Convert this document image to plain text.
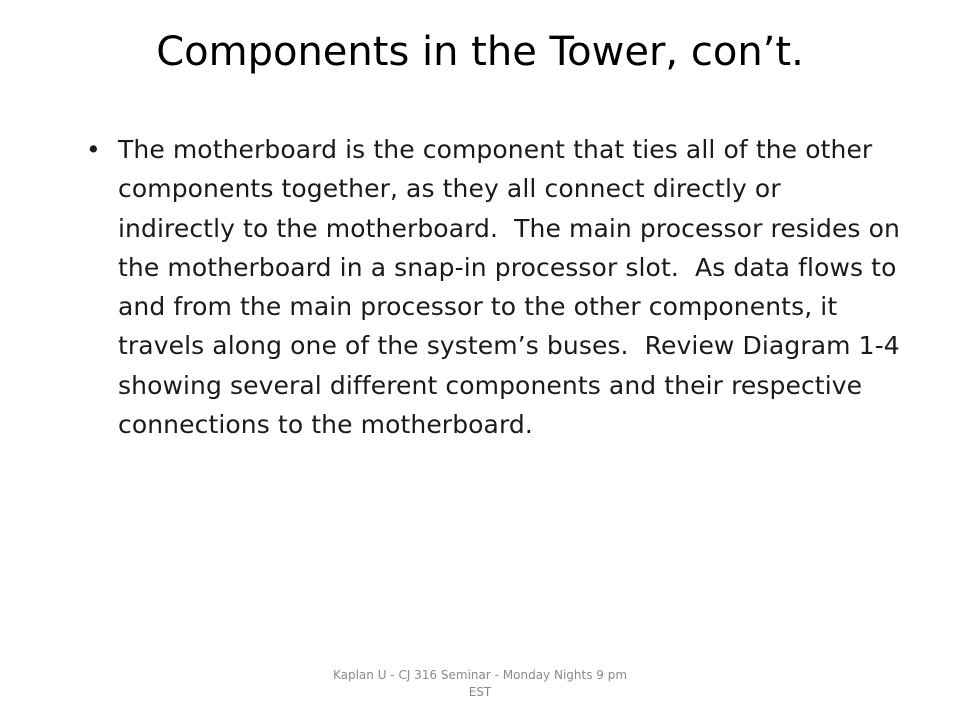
Components in the Tower, con’t.
• The motherboard is the component that ties all of the other components together, as they all connect directly or indirectly to the motherboard.  The main processor resides on the motherboard in a snap-in processor slot.  As data flows to and from the main processor to the other components, it travels along one of the system’s buses.  Review Diagram 1-4 showing several different components and their respective connections to the motherboard.
Kaplan U - CJ 316 Seminar - Monday Nights 9 pm EST
